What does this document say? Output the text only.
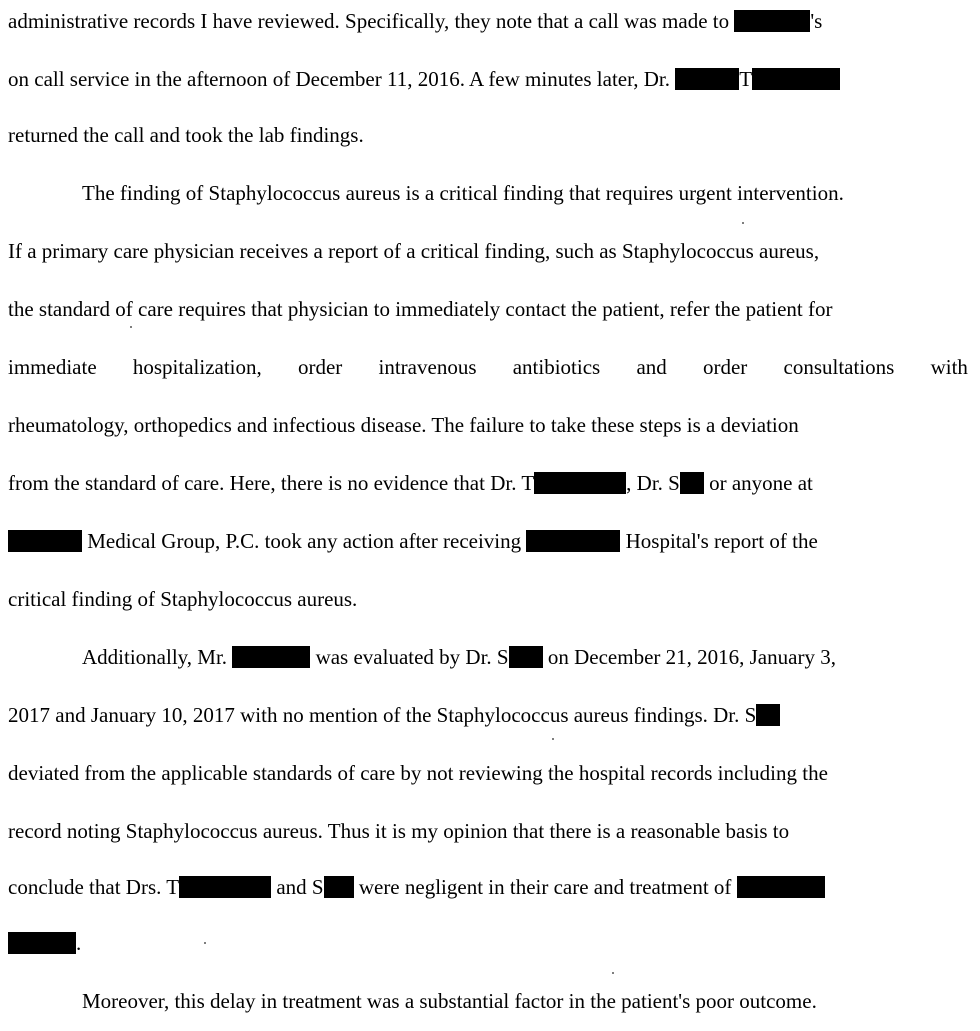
administrative records I have reviewed. Specifically, they note that a call was made to	's
on call service in the afternoon of December 11, 2016. A few minutes later, Dr.	T
returned the call and took the lab findings.
The finding of Staphylococcus aureus is a critical finding that requires urgent intervention.
If a primary care physician receives a report of a critical finding, such as Staphylococcus aureus,
the standard of care requires that physician to immediately contact the patient, refer the patient for
immediate hospitalization, order intravenous antibiotics and order consultations with
rheumatology, orthopedics and infectious disease. The failure to take these steps is a deviation
from the standard of care. Here, there is no evidence that Dr. T	, Dr. S or anyone at
Medical Group, P.C. took any action after receiving	Hospital's report of the
critical finding of Staphylococcus aureus.
Additionally, Mr.	was evaluated by Dr. S on December 21, 2016, January 3,
2017 and January 10, 2017 with no mention of the Staphylococcus aureus findings. Dr. S
deviated from the applicable standards of care by not reviewing the hospital records including the
record noting Staphylococcus aureus. Thus it is my opinion that there is a reasonable basis to
conclude that Drs. T	and S were negligent in their care and treatment of
.
Moreover, this delay in treatment was a substantial factor in the patient's poor outcome.
